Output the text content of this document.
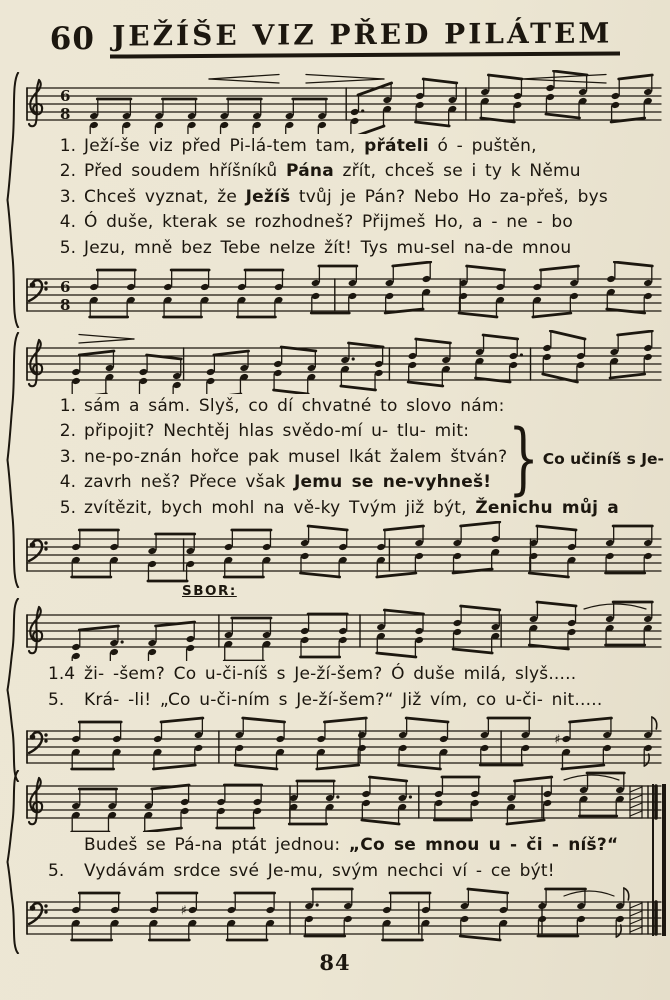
60 JEŽÍŠE VIZ PŘED PILÁTEM
6
8
1. Ježí-še viz před Pi-lá-tem tam, přáteli ó - puštěn,
2. Před soudem hříšníků Pána zřít, chceš se i ty k Němu
3. Chceš vyznat, že Ježíš tvůj je Pán? Nebo Ho za-přeš, bys
4. Ó duše, kterak se rozhodneš? Přijmeš Ho, a - ne - bo
5. Jezu, mně bez Tebe nelze žít! Tys mu-sel na-de mnou
6
8
} Co učiníš s Je-
1. sám a sám. Slyš, co dí chvatné to slovo nám:
2. připojit? Nechtěj hlas svědo-mí u- tlu- mit:
3. ne-po-znán hořce pak musel lkát žalem štván?
4. zavrh neš? Přece však Jemu se ne-vyhneš!
5. zvítězit, bych mohl na vě-ky Tvým již být, Ženichu můj a
SBOR:
1.4 ži- -šem? Co u-či-níš s Je-ží-šem? Ó duše milá, slyš.....
5.	Krá- -li! „Co u-či-ním s Je-ží-šem?“ Již vím, co u-či- nit.....
♯
Budeš se Pá-na ptát jednou: „Co se mnou u - či - níš?“
5.	Vydávám srdce své Je-mu, svým nechci ví - ce být!
♯
84
